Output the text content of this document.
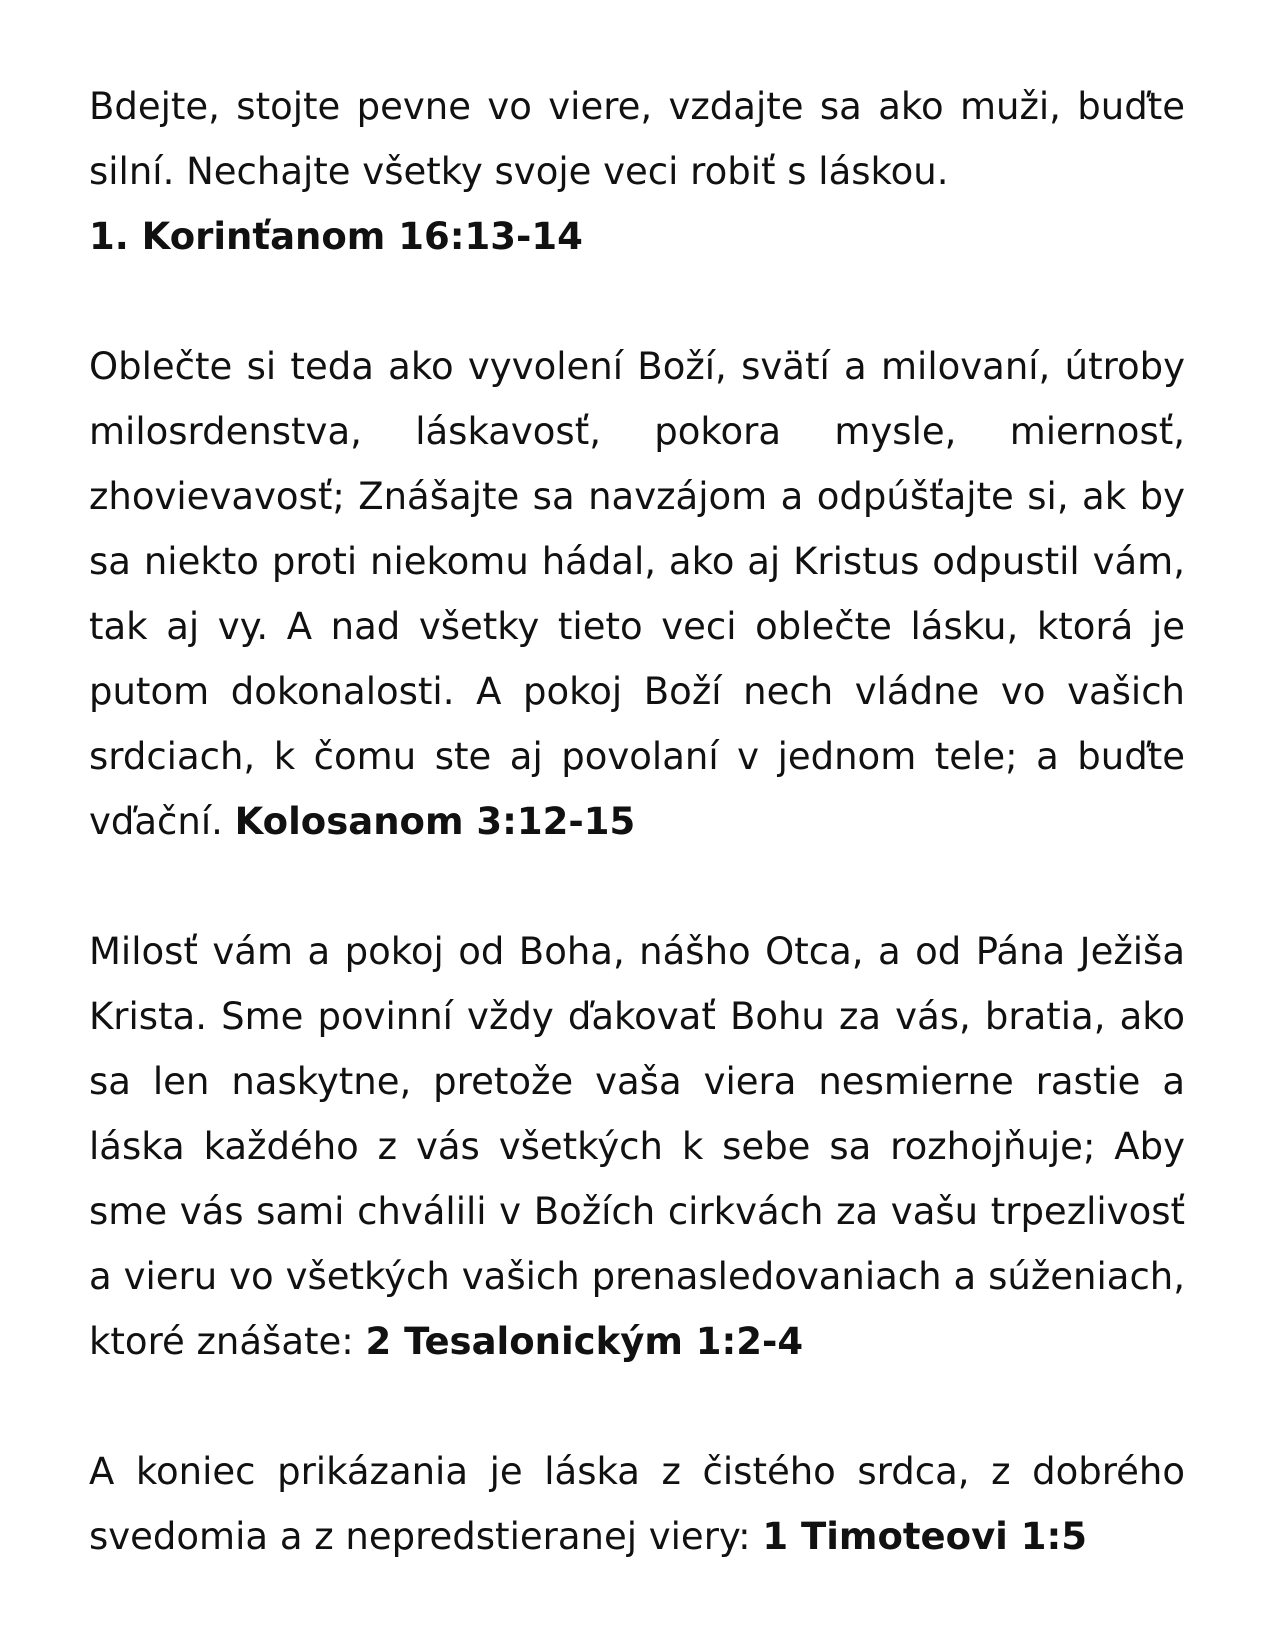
Bdejte, stojte pevne vo viere, vzdajte sa ako muži, buďte silní. Nechajte všetky svoje veci robiť s láskou.
1. Korinťanom 16:13-14

Oblečte si teda ako vyvolení Boží, svätí a milovaní, útroby milosrdenstva, láskavosť, pokora mysle, miernosť, zhovievavosť; Znášajte sa navzájom a odpúšťajte si, ak by sa niekto proti niekomu hádal, ako aj Kristus odpustil vám, tak aj vy. A nad všetky tieto veci oblečte lásku, ktorá je putom dokonalosti. A pokoj Boží nech vládne vo vašich srdciach, k čomu ste aj povolaní v jednom tele; a buďte vďační. Kolosanom 3:12-15

Milosť vám a pokoj od Boha, nášho Otca, a od Pána Ježiša Krista. Sme povinní vždy ďakovať Bohu za vás, bratia, ako sa len naskytne, pretože vaša viera nesmierne rastie a láska každého z vás všetkých k sebe sa rozhojňuje; Aby sme vás sami chválili v Božích cirkvách za vašu trpezlivosť a vieru vo všetkých vašich prenasledovaniach a súženiach, ktoré znášate: 2 Tesalonickým 1:2-4

A koniec prikázania je láska z čistého srdca, z dobrého svedomia a z nepredstieranej viery: 1 Timoteovi 1:5
